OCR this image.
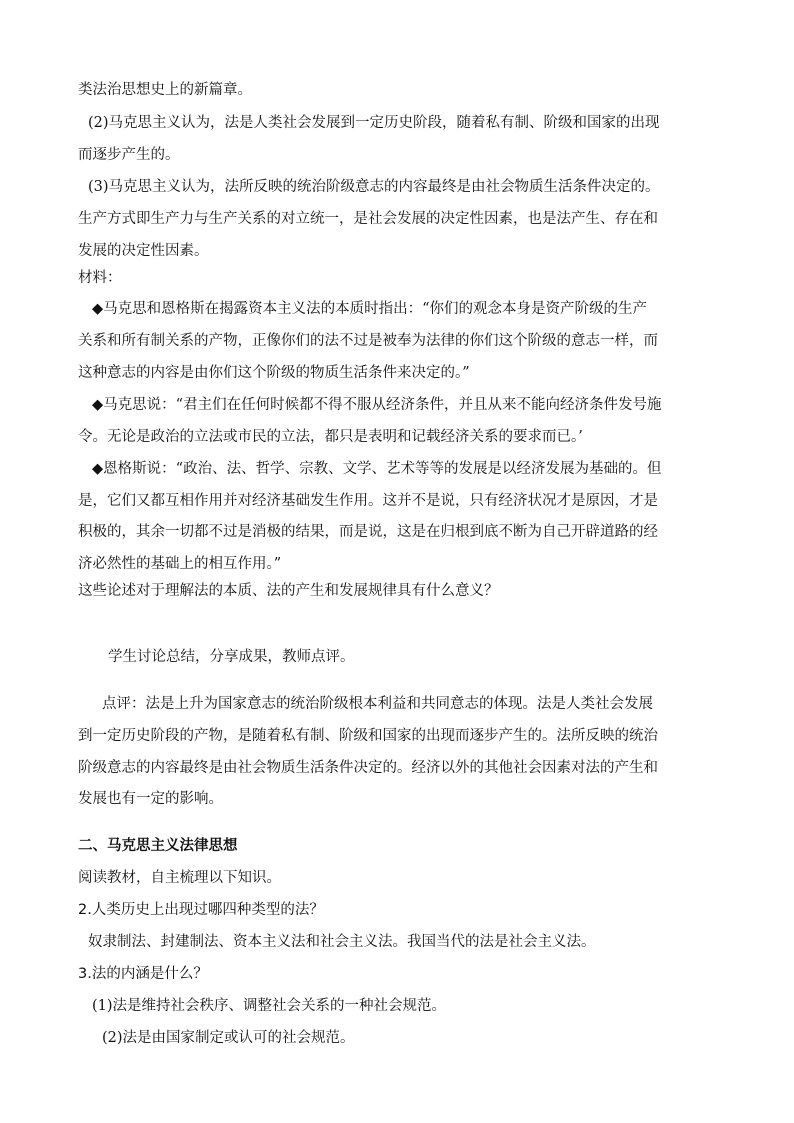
类法治思想史上的新篇章。
(2)马克思主义认为，法是人类社会发展到一定历史阶段，随着私有制、阶级和国家的出现
而逐步产生的。
(3)马克思主义认为，法所反映的统治阶级意志的内容最终是由社会物质生活条件决定的。
生产方式即生产力与生产关系的对立统一，是社会发展的决定性因素，也是法产生、存在和
发展的决定性因素。
材料：
◆马克思和恩格斯在揭露资本主义法的本质时指出：“你们的观念本身是资产阶级的生产
关系和所有制关系的产物，正像你们的法不过是被奉为法律的你们这个阶级的意志一样，而
这种意志的内容是由你们这个阶级的物质生活条件来决定的。”
◆马克思说：“君主们在任何时候都不得不服从经济条件，并且从来不能向经济条件发号施
令。无论是政治的立法或市民的立法，都只是表明和记载经济关系的要求而已。’
◆恩格斯说：“政治、法、哲学、宗教、文学、艺术等等的发展是以经济发展为基础的。但
是，它们又都互相作用并对经济基础发生作用。这并不是说，只有经济状况才是原因，才是
积极的，其余一切都不过是消极的结果，而是说，这是在归根到底不断为自己开辟道路的经
济必然性的基础上的相互作用。”
这些论述对于理解法的本质、法的产生和发展规律具有什么意义？
学生讨论总结，分享成果，教师点评。
点评：法是上升为国家意志的统治阶级根本利益和共同意志的体现。法是人类社会发展
到一定历史阶段的产物，是随着私有制、阶级和国家的出现而逐步产生的。法所反映的统治
阶级意志的内容最终是由社会物质生活条件决定的。经济以外的其他社会因素对法的产生和
发展也有一定的影响。
二、马克思主义法律思想
阅读教材，自主梳理以下知识。
2.人类历史上出现过哪四种类型的法？
奴隶制法、封建制法、资本主义法和社会主义法。我国当代的法是社会主义法。
3.法的内涵是什么？
(1)法是维持社会秩序、调整社会关系的一种社会规范。
(2)法是由国家制定或认可的社会规范。
